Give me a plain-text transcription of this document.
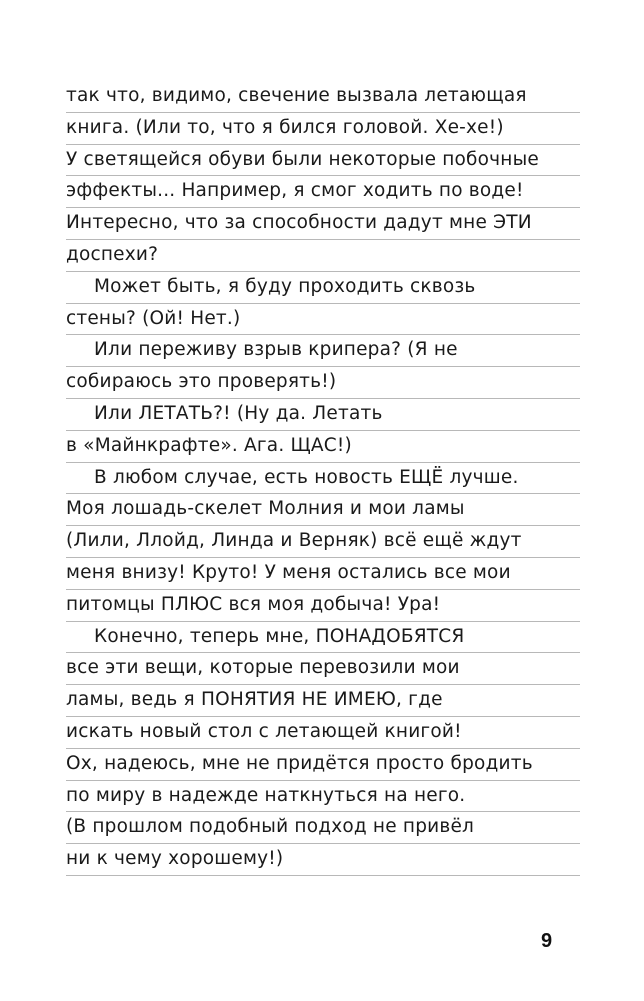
так что, видимо, свечение вызвала летающая
книга. (Или то, что я бился головой. Хе-хе!)
У светящейся обуви были некоторые побочные
эффекты... Например, я смог ходить по воде!
Интересно, что за способности дадут мне ЭТИ
доспехи?
Может быть, я буду проходить сквозь
стены? (Ой! Нет.)
Или переживу взрыв крипера? (Я не
собираюсь это проверять!)
Или ЛЕТАТЬ?! (Ну да. Летать
в «Майнкрафте». Ага. ЩАС!)
В любом случае, есть новость ЕЩЁ лучше.
Моя лошадь-скелет Молния и мои ламы
(Лили, Ллойд, Линда и Верняк) всё ещё ждут
меня внизу! Круто! У меня остались все мои
питомцы ПЛЮС вся моя добыча! Ура!
Конечно, теперь мне, ПОНАДОБЯТСЯ
все эти вещи, которые перевозили мои
ламы, ведь я ПОНЯТИЯ НЕ ИМЕЮ, где
искать новый стол с летающей книгой!
Ох, надеюсь, мне не придётся просто бродить
по миру в надежде наткнуться на него.
(В прошлом подобный подход не привёл
ни к чему хорошему!)
9
